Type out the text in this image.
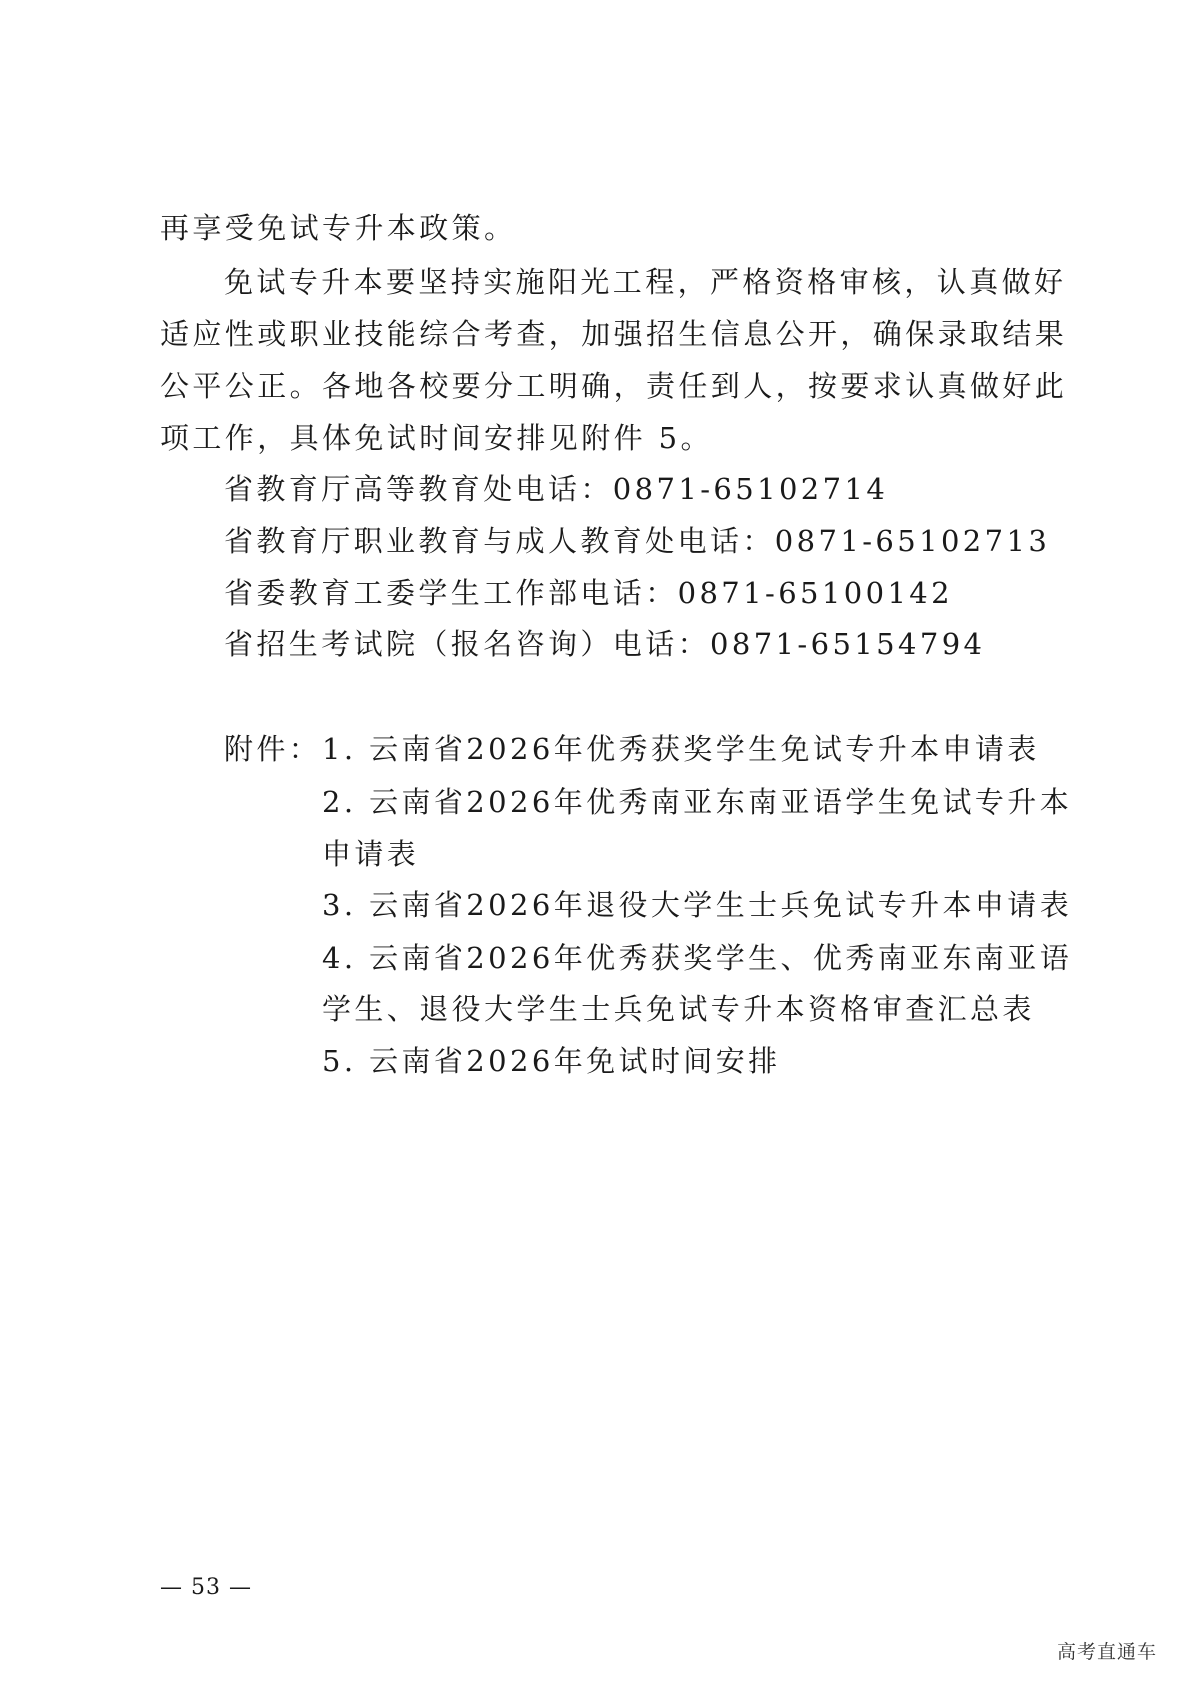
再享受免试专升本政策。
免试专升本要坚持实施阳光工程，严格资格审核，认真做好
适应性或职业技能综合考查，加强招生信息公开，确保录取结果
公平公正。各地各校要分工明确，责任到人，按要求认真做好此
项工作，具体免试时间安排见附件 5。
省教育厅高等教育处电话：0871-65102714
省教育厅职业教育与成人教育处电话：0871-65102713
省委教育工委学生工作部电话：0871-65100142
省招生考试院（报名咨询）电话：0871-65154794
附件： 1. 云南省2026年优秀获奖学生免试专升本申请表
2. 云南省2026年优秀南亚东南亚语学生免试专升本
申请表
3. 云南省2026年退役大学生士兵免试专升本申请表
4. 云南省2026年优秀获奖学生、优秀南亚东南亚语
学生、退役大学生士兵免试专升本资格审查汇总表
5. 云南省2026年免试时间安排
— 53 —
高考直通车
